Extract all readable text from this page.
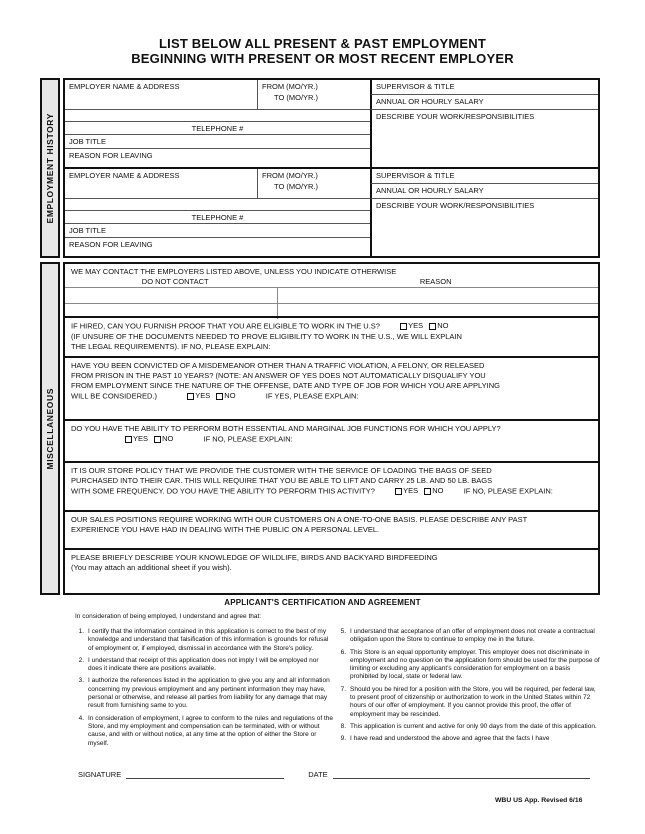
LIST BELOW ALL PRESENT & PAST EMPLOYMENT
BEGINNING WITH PRESENT OR MOST RECENT EMPLOYER
EMPLOYMENT HISTORY
EMPLOYER NAME & ADDRESS	FROM (MO/YR.)
TO (MO/YR.)
SUPERVISOR & TITLE
ANNUAL OR HOURLY SALARY
TELEPHONE #
JOB TITLE
REASON FOR LEAVING
DESCRIBE YOUR WORK/RESPONSIBILITIES
EMPLOYER NAME & ADDRESS	FROM (MO/YR.)
TO (MO/YR.)
SUPERVISOR & TITLE
ANNUAL OR HOURLY SALARY
TELEPHONE #
JOB TITLE
REASON FOR LEAVING
DESCRIBE YOUR WORK/RESPONSIBILITIES
MISCELLANEOUS
WE MAY CONTACT THE EMPLOYERS LISTED ABOVE, UNLESS YOU INDICATE OTHERWISE
DO NOT CONTACT	REASON
IF HIRED, CAN YOU FURNISH PROOF THAT YOU ARE ELIGIBLE TO WORK IN THE U.S?	YES
NO
(IF UNSURE OF THE DOCUMENTS NEEDED TO PROVE ELIGIBILITY TO WORK IN THE U.S., WE WILL EXPLAIN
THE LEGAL REQUIREMENTS). IF NO, PLEASE EXPLAIN:
HAVE YOU BEEN CONVICTED OF A MISDEMEANOR OTHER THAN A TRAFFIC VIOLATION, A FELONY, OR RELEASED
FROM PRISON IN THE PAST 10 YEARS? (NOTE: AN ANSWER OF YES DOES NOT AUTOMATICALLY DISQUALIFY YOU
FROM EMPLOYMENT SINCE THE NATURE OF THE OFFENSE, DATE AND TYPE OF JOB FOR WHICH YOU ARE APPLYING
WILL BE CONSIDERED.)	YES
NO	IF YES, PLEASE EXPLAIN:
DO YOU HAVE THE ABILITY TO PERFORM BOTH ESSENTIAL AND MARGINAL JOB FUNCTIONS FOR WHICH YOU APPLY?
YES
NO	IF NO, PLEASE EXPLAIN:
IT IS OUR STORE POLICY THAT WE PROVIDE THE CUSTOMER WITH THE SERVICE OF LOADING THE BAGS OF SEED
PURCHASED INTO THEIR CAR. THIS WILL REQUIRE THAT YOU BE ABLE TO LIFT AND CARRY 25 LB. AND 50 LB. BAGS
WITH SOME FREQUENCY. DO YOU HAVE THE ABILITY TO PERFORM THIS ACTIVITY?	YES
NO	IF NO, PLEASE EXPLAIN:
OUR SALES POSITIONS REQUIRE WORKING WITH OUR CUSTOMERS ON A ONE-TO-ONE BASIS. PLEASE DESCRIBE ANY PAST
EXPERIENCE YOU HAVE HAD IN DEALING WITH THE PUBLIC ON A PERSONAL LEVEL.
PLEASE BRIEFLY DESCRIBE YOUR KNOWLEDGE OF WILDLIFE, BIRDS AND BACKYARD BIRDFEEDING
(You may attach an additional sheet if you wish).
APPLICANT'S CERTIFICATION AND AGREEMENT
In consideration of being employed, I understand and agree that:
1. I certify that the information contained in this application is correct to the best of my knowledge and understand that falsification of this information is grounds for refusal of employment or, if employed, dismissal in accordance with the Store's policy.
2. I understand that receipt of this application does not imply I will be employed nor does it indicate there are positions available.
3. I authorize the references listed in the application to give you any and all information concerning my previous employment and any pertinent information they may have, personal or otherwise, and release all parties from liability for any damage that may result from furnishing same to you.
4. In consideration of employment, I agree to conform to the rules and regulations of the Store, and my employment and compensation can be terminated, with or without cause, and with or without notice, at any time at the option of either the Store or myself.
5. I understand that acceptance of an offer of employment does not create a contractual obligation upon the Store to continue to employ me in the future.
6. This Store is an equal opportunity employer. This employer does not discriminate in employment and no question on the application form should be used for the purpose of limiting or excluding any applicant's consideration for employment on a basis prohibited by local, state or federal law.
7. Should you be hired for a position with the Store, you will be required, per federal law, to present proof of citizenship or authorization to work in the United States within 72 hours of our offer of employment. If you cannot provide this proof, the offer of employment may be rescinded.
8. This application is current and active for only 90 days from the date of this application.
9. I have read and understood the above and agree that the facts I have
SIGNATURE	DATE
WBU US App. Revised 6/16
